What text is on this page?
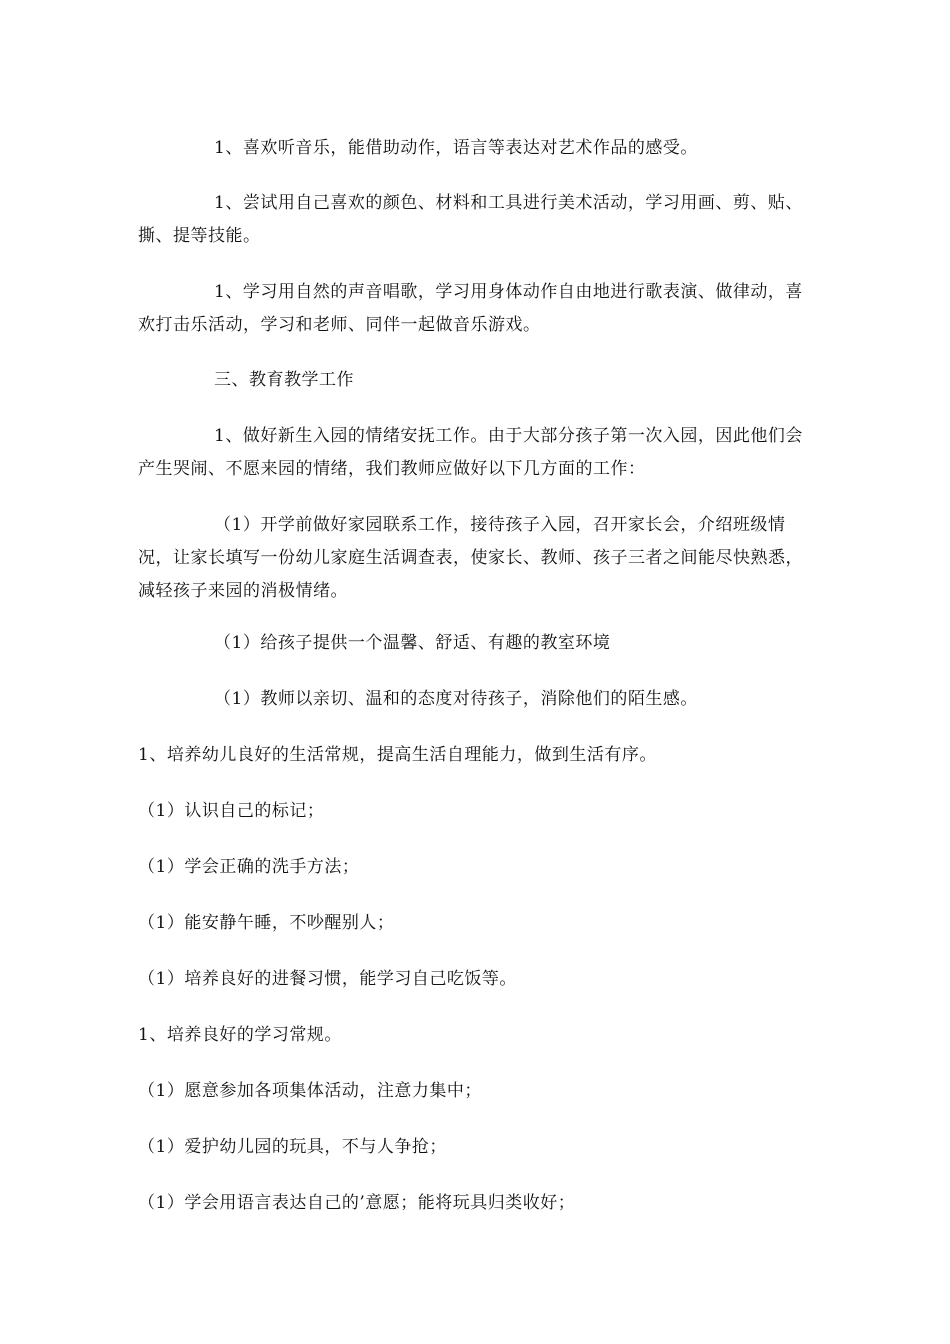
1、喜欢听音乐，能借助动作，语言等表达对艺术作品的感受。

1、尝试用自己喜欢的颜色、材料和工具进行美术活动，学习用画、剪、贴、撕、提等技能。

1、学习用自然的声音唱歌，学习用身体动作自由地进行歌表演、做律动，喜欢打击乐活动，学习和老师、同伴一起做音乐游戏。

三、教育教学工作

1、做好新生入园的情绪安抚工作。由于大部分孩子第一次入园，因此他们会产生哭闹、不愿来园的情绪，我们教师应做好以下几方面的工作：

（1）开学前做好家园联系工作，接待孩子入园，召开家长会，介绍班级情况，让家长填写一份幼儿家庭生活调查表，使家长、教师、孩子三者之间能尽快熟悉，减轻孩子来园的消极情绪。

（1）给孩子提供一个温馨、舒适、有趣的教室环境

（1）教师以亲切、温和的态度对待孩子，消除他们的陌生感。

1、培养幼儿良好的生活常规，提高生活自理能力，做到生活有序。

（1）认识自己的标记；

（1）学会正确的洗手方法；

（1）能安静午睡，不吵醒别人；

（1）培养良好的进餐习惯，能学习自己吃饭等。

1、培养良好的学习常规。

（1）愿意参加各项集体活动，注意力集中；

（1）爱护幼儿园的玩具，不与人争抢；

（1）学会用语言表达自己的’意愿；能将玩具归类收好；
